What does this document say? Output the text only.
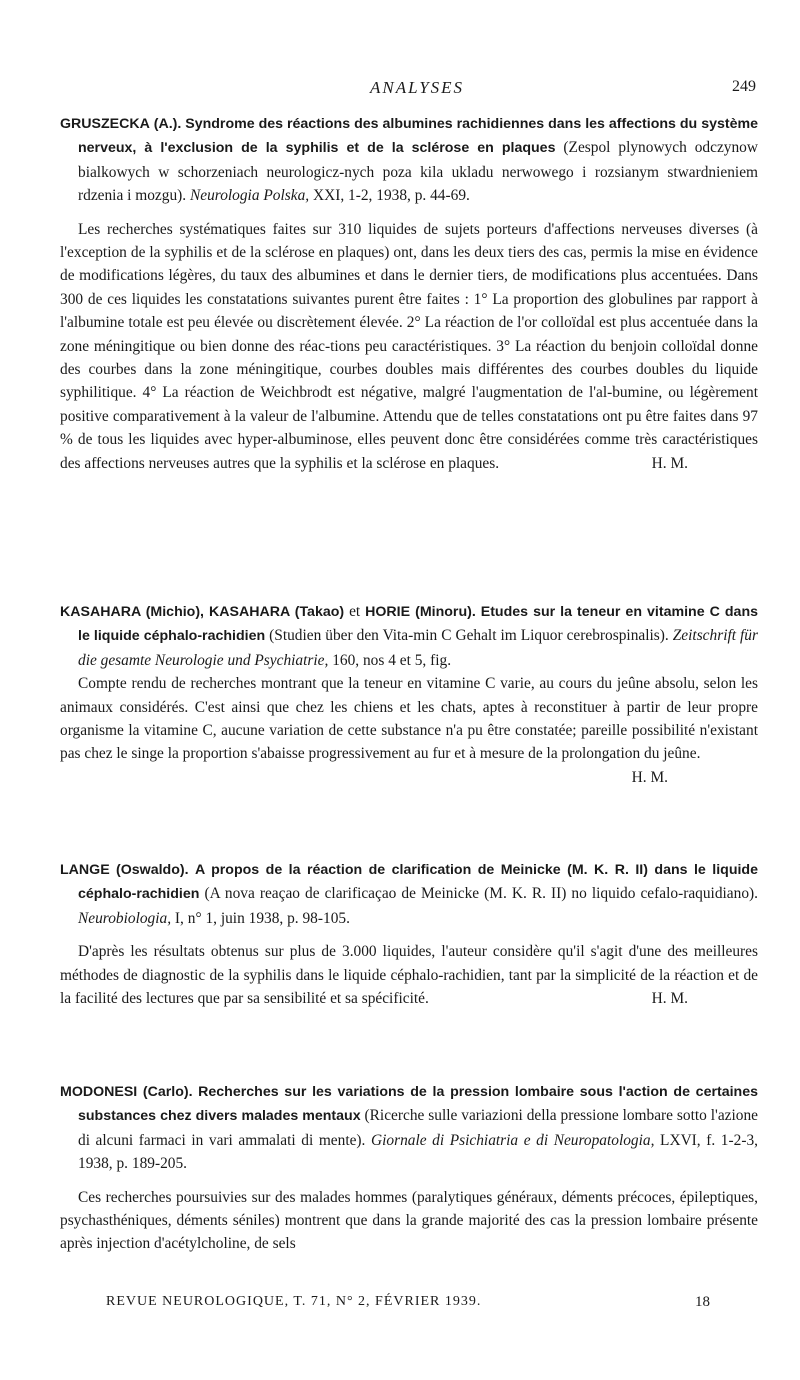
ANALYSES	249

GRUSZECKA (A.). Syndrome des réactions des albumines rachidiennes dans les affections du système nerveux, à l'exclusion de la syphilis et de la sclérose en plaques (Zespol plynowych odczynow bialkowych w schorzeniach neurologicz-nych poza kila ukladu nerwowego i rozsianym stwardnieniem rdzenia i mozgu). Neurologia Polska, XXI, 1-2, 1938, p. 44-69.

Les recherches systématiques faites sur 310 liquides de sujets porteurs d'affections nerveuses diverses (à l'exception de la syphilis et de la sclérose en plaques) ont, dans les deux tiers des cas, permis la mise en évidence de modifications légères, du taux des albumines et dans le dernier tiers, de modifications plus accentuées. Dans 300 de ces liquides les constatations suivantes purent être faites : 1° La proportion des globulines par rapport à l'albumine totale est peu élevée ou discrètement élevée. 2° La réaction de l'or colloïdal est plus accentuée dans la zone méningitique ou bien donne des réac-tions peu caractéristiques. 3° La réaction du benjoin colloïdal donne des courbes dans la zone méningitique, courbes doubles mais différentes des courbes doubles du liquide syphilitique. 4° La réaction de Weichbrodt est négative, malgré l'augmentation de l'al-bumine, ou légèrement positive comparativement à la valeur de l'albumine. Attendu que de telles constatations ont pu être faites dans 97 % de tous les liquides avec hyper-albuminose, elles peuvent donc être considérées comme très caractéristiques des affections nerveuses autres que la syphilis et la sclérose en plaques.	H. M.

KASAHARA (Michio), KASAHARA (Takao) et HORIE (Minoru). Etudes sur la teneur en vitamine C dans le liquide céphalo-rachidien (Studien über den Vita-min C Gehalt im Liquor cerebrospinalis). Zeitschrift für die gesamte Neurologie und Psychiatrie, 160, nos 4 et 5, fig.

Compte rendu de recherches montrant que la teneur en vitamine C varie, au cours du jeûne absolu, selon les animaux considérés. C'est ainsi que chez les chiens et les chats, aptes à reconstituer à partir de leur propre organisme la vitamine C, aucune variation de cette substance n'a pu être constatée; pareille possibilité n'existant pas chez le singe la proportion s'abaisse progressivement au fur et à mesure de la prolongation du jeûne.

H. M.

LANGE (Oswaldo). A propos de la réaction de clarification de Meinicke (M. K. R. II) dans le liquide céphalo-rachidien (A nova reaçao de clarificaçao de Meinicke (M. K. R. II) no liquido cefalo-raquidiano). Neurobiologia, I, n° 1, juin 1938, p. 98-105.

D'après les résultats obtenus sur plus de 3.000 liquides, l'auteur considère qu'il s'agit d'une des meilleures méthodes de diagnostic de la syphilis dans le liquide céphalo-rachidien, tant par la simplicité de la réaction et de la facilité des lectures que par sa sensibilité et sa spécificité.	H. M.

MODONESI (Carlo). Recherches sur les variations de la pression lombaire sous l'action de certaines substances chez divers malades mentaux (Ricerche sulle variazioni della pressione lombare sotto l'azione di alcuni farmaci in vari ammalati di mente). Giornale di Psichiatria e di Neuropatologia, LXVI, f. 1-2-3, 1938, p. 189-205.

Ces recherches poursuivies sur des malades hommes (paralytiques généraux, déments précoces, épileptiques, psychasthéniques, déments séniles) montrent que dans la grande majorité des cas la pression lombaire présente après injection d'acétylcholine, de sels

REVUE NEUROLOGIQUE, T. 71, N° 2, FÉVRIER 1939.	18
